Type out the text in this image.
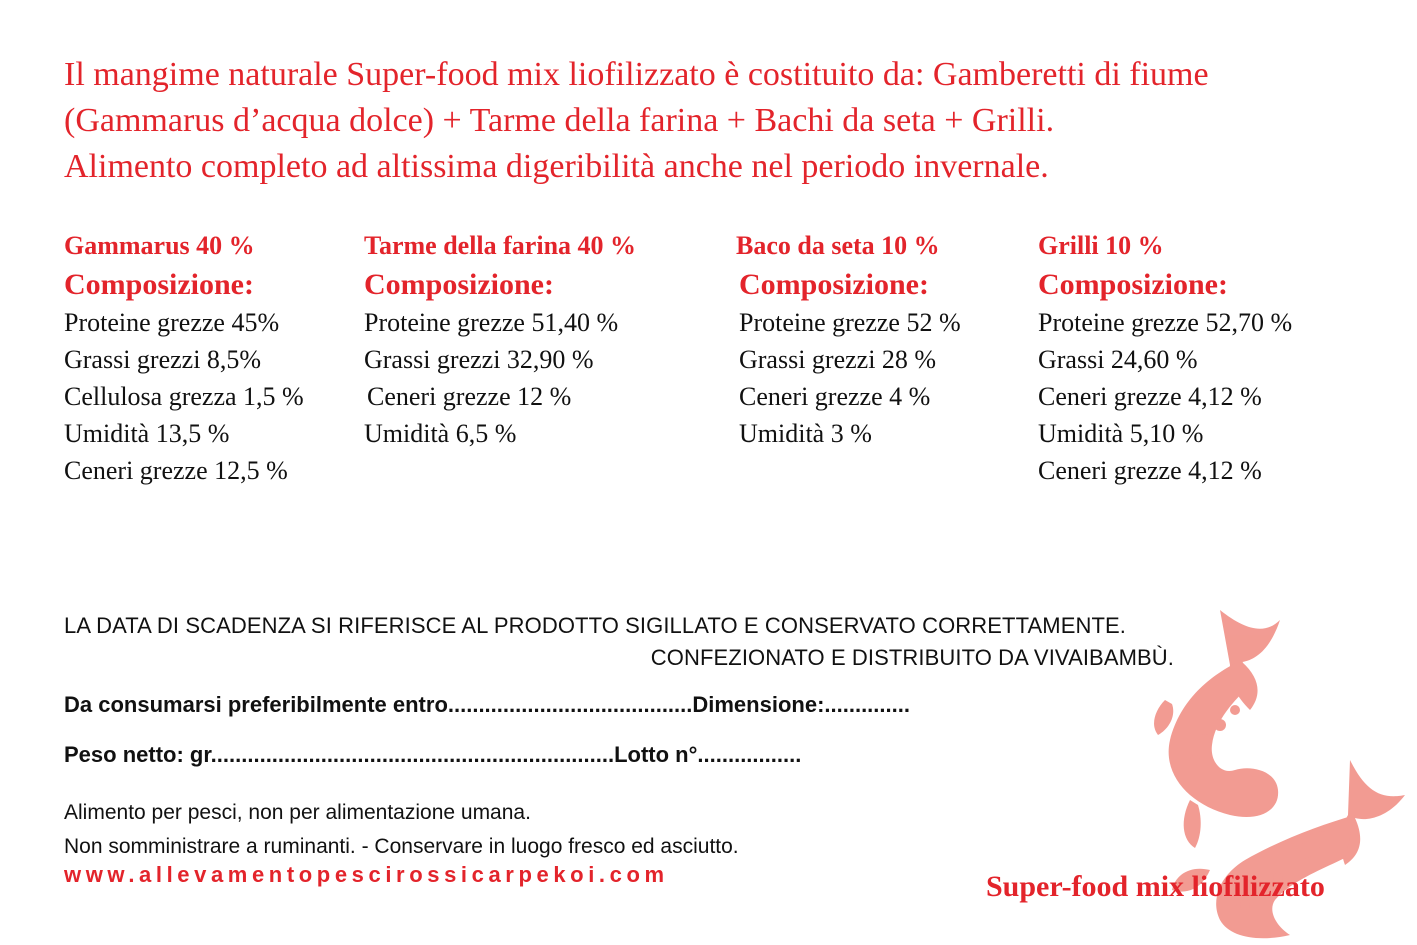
Il mangime naturale Super-food mix liofilizzato è costituito da: Gamberetti di fiume
(Gammarus d’acqua dolce) + Tarme della farina + Bachi da seta + Grilli.
Alimento completo ad altissima digeribilità anche nel periodo invernale.
Gammarus 40 %
Composizione:
Proteine grezze 45%
Grassi grezzi 8,5%
Cellulosa grezza 1,5 %
Umidità 13,5 %
Ceneri grezze 12,5 %
Tarme della farina 40 %
Composizione:
Proteine grezze 51,40 %
Grassi grezzi 32,90 %
Ceneri grezze 12 %
Umidità 6,5 %
Baco da seta 10 %
Composizione:
Proteine grezze 52 %
Grassi grezzi 28 %
Ceneri grezze 4 %
Umidità 3 %
Grilli 10 %
Composizione:
Proteine grezze 52,70 %
Grassi 24,60 %
Ceneri grezze 4,12 %
Umidità 5,10 %
Ceneri grezze 4,12 %
LA DATA DI SCADENZA SI RIFERISCE AL PRODOTTO SIGILLATO E CONSERVATO CORRETTAMENTE.
CONFEZIONATO E DISTRIBUITO DA VIVAIBAMBÙ.
Da consumarsi preferibilmente entro........................................Dimensione:..............
Peso netto: gr..................................................................Lotto n°.................
Alimento per pesci, non per alimentazione umana.
Non somministrare a ruminanti. - Conservare in luogo fresco ed asciutto.
www.allevamentopescirossicarpekoi.com	Super-food mix liofilizzato
